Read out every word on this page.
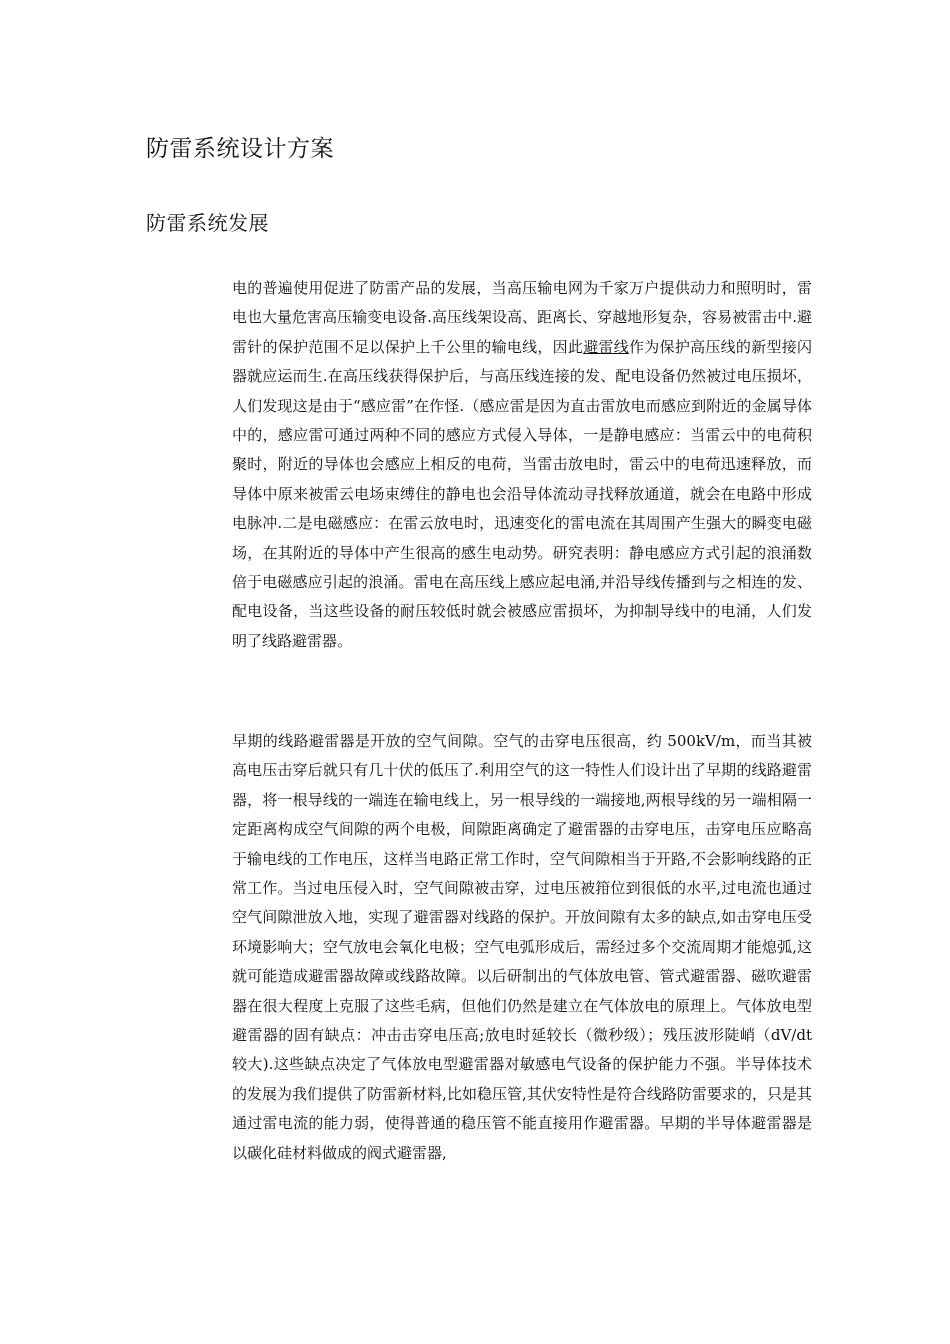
防雷系统设计方案
防雷系统发展

电的普遍使用促进了防雷产品的发展，当高压输电网为千家万户提供动力和照明时，雷电也大量危害高压输变电设备.高压线架设高、距离长、穿越地形复杂，容易被雷击中.避雷针的保护范围不足以保护上千公里的输电线，因此避雷线作为保护高压线的新型接闪器就应运而生.在高压线获得保护后，与高压线连接的发、配电设备仍然被过电压损坏，人们发现这是由于“感应雷”在作怪.（感应雷是因为直击雷放电而感应到附近的金属导体中的，感应雷可通过两种不同的感应方式侵入导体，一是静电感应：当雷云中的电荷积聚时，附近的导体也会感应上相反的电荷，当雷击放电时，雷云中的电荷迅速释放，而导体中原来被雷云电场束缚住的静电也会沿导体流动寻找释放通道，就会在电路中形成电脉冲.二是电磁感应：在雷云放电时，迅速变化的雷电流在其周围产生强大的瞬变电磁场，在其附近的导体中产生很高的感生电动势。研究表明：静电感应方式引起的浪涌数倍于电磁感应引起的浪涌。雷电在高压线上感应起电涌,并沿导线传播到与之相连的发、配电设备，当这些设备的耐压较低时就会被感应雷损坏，为抑制导线中的电涌，人们发明了线路避雷器。

早期的线路避雷器是开放的空气间隙。空气的击穿电压很高，约 500kV/m，而当其被高电压击穿后就只有几十伏的低压了.利用空气的这一特性人们设计出了早期的线路避雷器，将一根导线的一端连在输电线上，另一根导线的一端接地,两根导线的另一端相隔一定距离构成空气间隙的两个电极，间隙距离确定了避雷器的击穿电压，击穿电压应略高于输电线的工作电压，这样当电路正常工作时，空气间隙相当于开路,不会影响线路的正常工作。当过电压侵入时，空气间隙被击穿，过电压被箝位到很低的水平,过电流也通过空气间隙泄放入地，实现了避雷器对线路的保护。开放间隙有太多的缺点,如击穿电压受环境影响大；空气放电会氧化电极；空气电弧形成后，需经过多个交流周期才能熄弧,这就可能造成避雷器故障或线路故障。以后研制出的气体放电管、管式避雷器、磁吹避雷器在很大程度上克服了这些毛病，但他们仍然是建立在气体放电的原理上。气体放电型避雷器的固有缺点：冲击击穿电压高;放电时延较长（微秒级）；残压波形陡峭（dV/dt 较大).这些缺点决定了气体放电型避雷器对敏感电气设备的保护能力不强。半导体技术的发展为我们提供了防雷新材料,比如稳压管,其伏安特性是符合线路防雷要求的，只是其通过雷电流的能力弱，使得普通的稳压管不能直接用作避雷器。早期的半导体避雷器是以碳化硅材料做成的阀式避雷器,
